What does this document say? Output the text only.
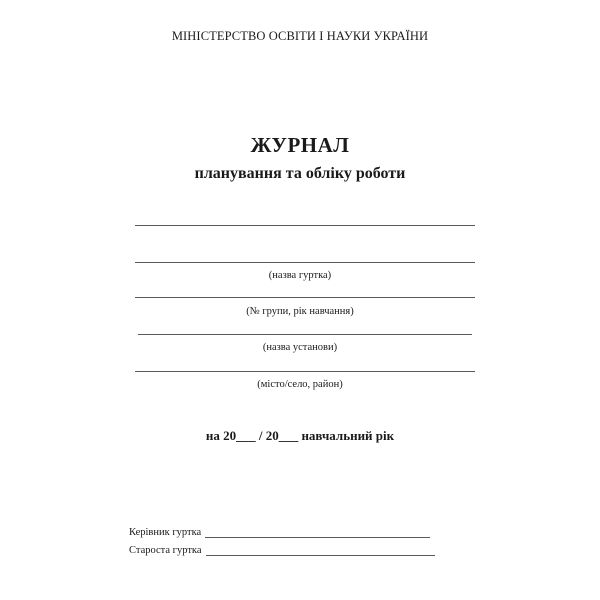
МІНІСТЕРСТВО ОСВІТИ І НАУКИ УКРАЇНИ
ЖУРНАЛ
планування та обліку роботи
(назва гуртка)
(№ групи, рік навчання)
(назва установи)
(місто/село, район)
на 20___ / 20___ навчальний рік
Керівник гуртка
Староста гуртка
